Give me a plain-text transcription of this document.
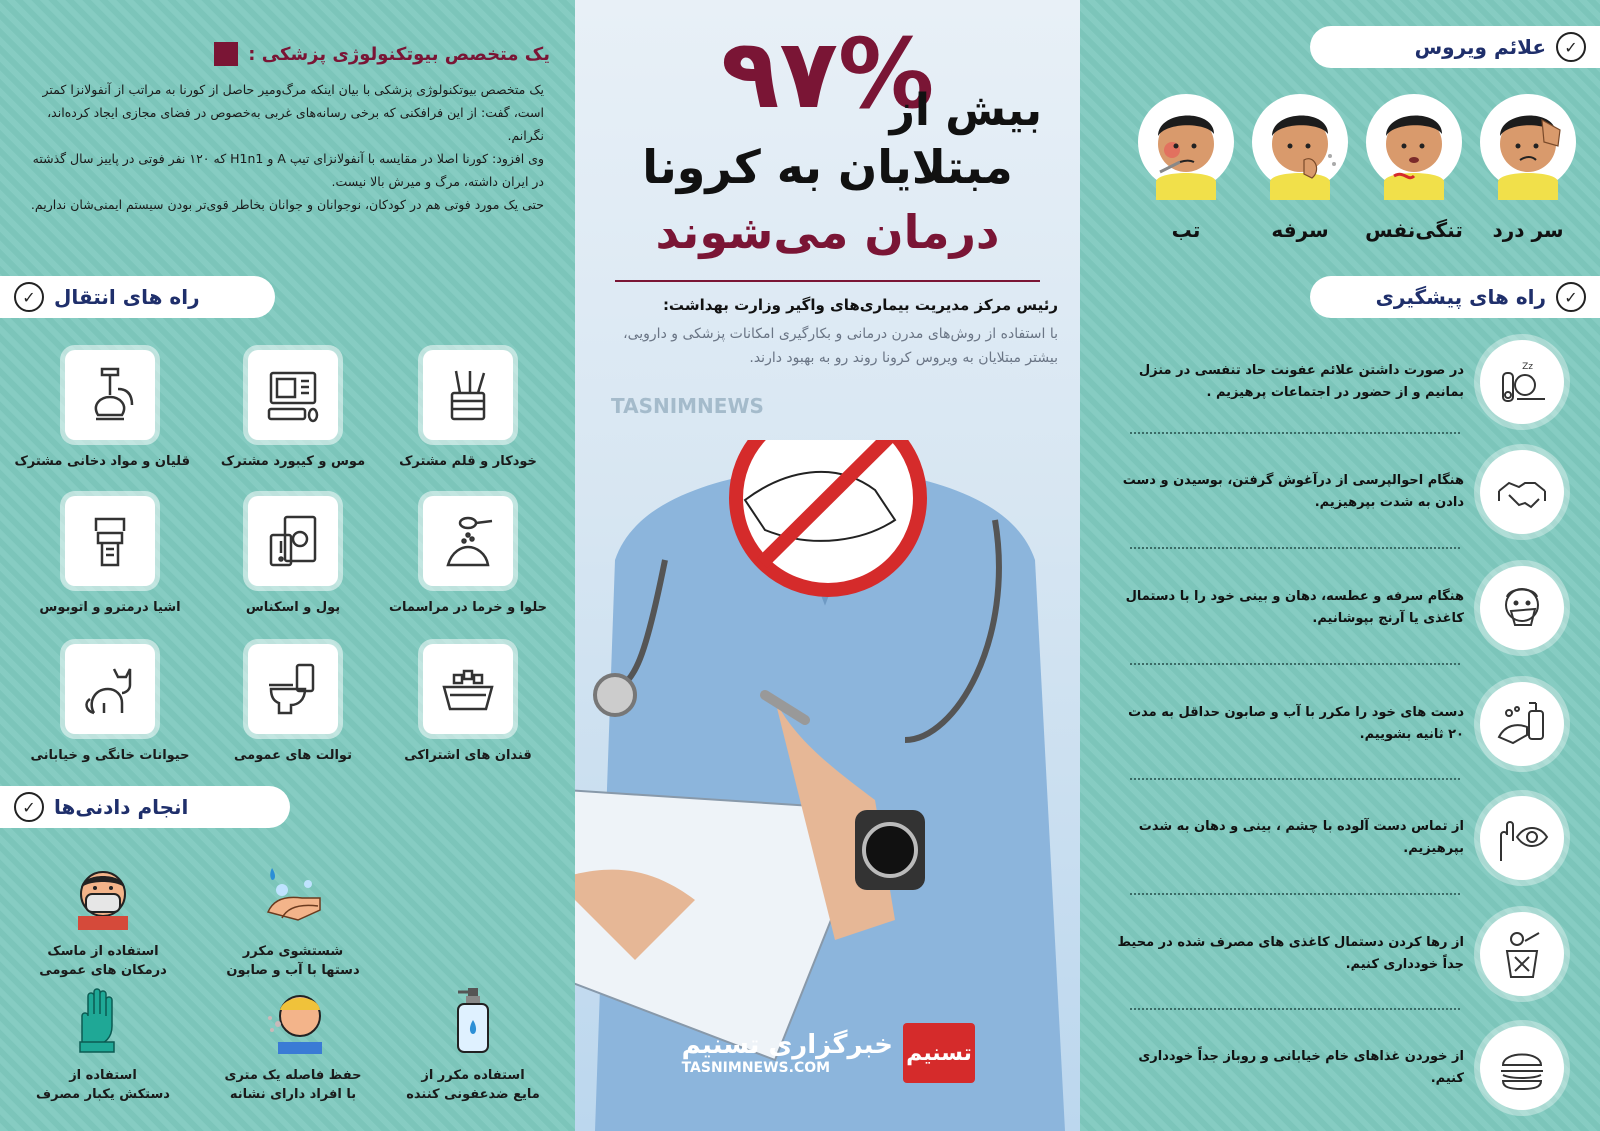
یک متخصص بیوتکنولوژی پزشکی :

یک متخصص بیوتکنولوژی پزشکی با بیان اینکه مرگ‌ومیر حاصل از کورنا به مراتب از آنفولانزا کمتر است، گفت: از این فرافکنی که برخی رسانه‌های غربی به‌خصوص در فضای مجازی ایجاد کرده‌اند، نگرانم.

وی افزود: کورنا اصلا در مقایسه با آنفولانزای تیپ A و H1n1 که ۱۲۰ نفر فوتی در پاییز سال گذشته در ایران داشته، مرگ و میرش بالا نیست.

حتی یک مورد فوتی هم در کودکان، نوجوانان و جوانان بخاطر قوی‌تر بودن سیستم ایمنی‌شان نداریم.

✓ راه های انتقال
خودکار و قلم مشترک
موس و کیبورد مشترک
قلیان و مواد دخانی مشترک
حلوا و خرما در مراسمات
پول و اسکناس
اشیا درمترو و اتوبوس
قندان های اشتراکی
توالت های عمومی
حیوانات خانگی و خیابانی
✓ انجام دادنی‌ها
شستشوی مکرر
دستها با آب و صابون
استفاده از ماسک
درمکان های عمومی
استفاده مکرر از
مایع ضدعفونی کننده
حفظ فاصله یک متری
با افراد دارای نشانه
استفاده از
دستکش یکبار مصرف
۹۷%
بیش از
مبتلایان به کرونا
درمان می‌شوند
رئیس مرکز مدیریت بیماری‌های واگیر وزارت بهداشت:
با استفاده از روش‌های مدرن درمانی و بکارگیری امکانات پزشکی و دارویی، بیشتر مبتلایان به ویروس کرونا روند رو به بهبود دارند.
TASNIMNEWS
تسنیم
خبرگزاری تسنیم
TASNIMNEWS.COM
✓
علائم ویروس
سر درد
تنگی‌نفس
سرفه
تب
✓
راه های پیشگیری
Zz
در صورت داشتن علائم عفونت حاد تنفسی در منزل بمانیم و از حضور در اجتماعات پرهیزیم .
هنگام احوالپرسی از درآغوش گرفتن، بوسیدن و دست دادن به شدت بپرهیزیم.
هنگام سرفه و عطسه، دهان و بینی خود را با دستمال کاغذی یا آرنج بپوشانیم.
دست های خود را مکرر با آب و صابون حداقل به مدت ۲۰ ثانیه بشوییم.
از تماس دست آلوده با چشم ، بینی و دهان به شدت بپرهیزیم.
از رها کردن دستمال کاغذی های مصرف شده در محیط جداً خودداری کنیم.
از خوردن غذاهای خام خیابانی و روباز جداً خودداری کنیم.
